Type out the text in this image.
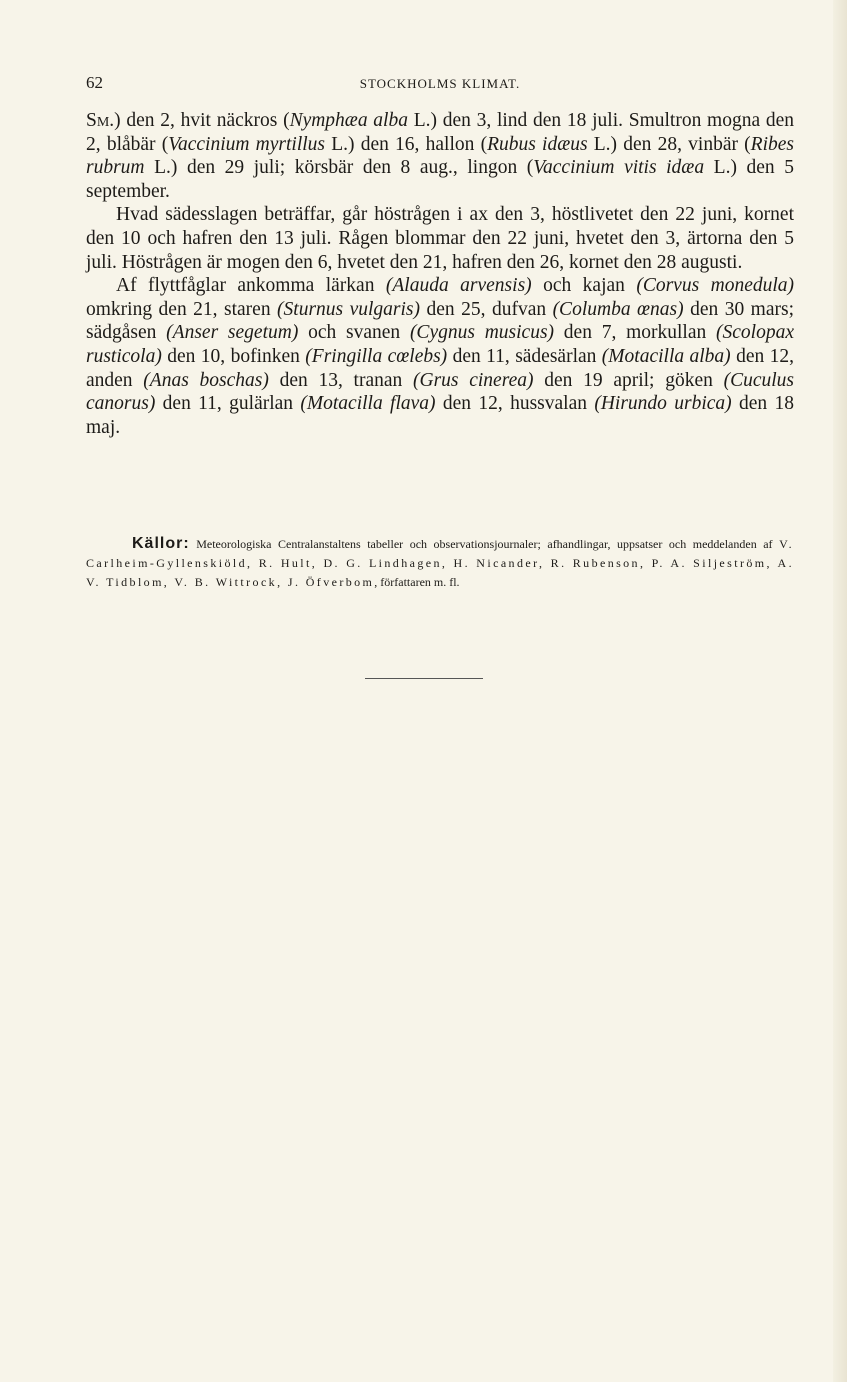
62	STOCKHOLMS KLIMAT.

Sm.) den 2, hvit näckros (Nymphæa alba L.) den 3, lind den 18 juli. Smultron mogna den 2, blåbär (Vaccinium myrtillus L.) den 16, hallon (Rubus idæus L.) den 28, vinbär (Ribes rubrum L.) den 29 juli; körsbär den 8 aug., lingon (Vaccinium vitis idæa L.) den 5 september.

Hvad sädesslagen beträffar, går höstrågen i ax den 3, höstlivetet den 22 juni, kornet den 10 och hafren den 13 juli. Rågen blommar den 22 juni, hvetet den 3, ärtorna den 5 juli. Höstrågen är mogen den 6, hvetet den 21, hafren den 26, kornet den 28 augusti.

Af flyttfåglar ankomma lärkan (Alauda arvensis) och kajan (Corvus monedula) omkring den 21, staren (Sturnus vulgaris) den 25, dufvan (Columba œnas) den 30 mars; sädgåsen (Anser segetum) och svanen (Cygnus musicus) den 7, morkullan (Scolopax rusticola) den 10, bofinken (Fringilla cœlebs) den 11, sädesärlan (Motacilla alba) den 12, anden (Anas boschas) den 13, tranan (Grus cinerea) den 19 april; göken (Cuculus canorus) den 11, gulärlan (Motacilla flava) den 12, hussvalan (Hirundo urbica) den 18 maj.

Källor: Meteorologiska Centralanstaltens tabeller och observationsjournaler; afhandlingar, uppsatser och meddelanden af V. Carlheim-Gyllenskiöld, R. Hult, D. G. Lindhagen, H. Nicander, R. Rubenson, P. A. Siljeström, A. V. Tidblom, V. B. Wittrock, J. Öfverbom, författaren m. fl.
